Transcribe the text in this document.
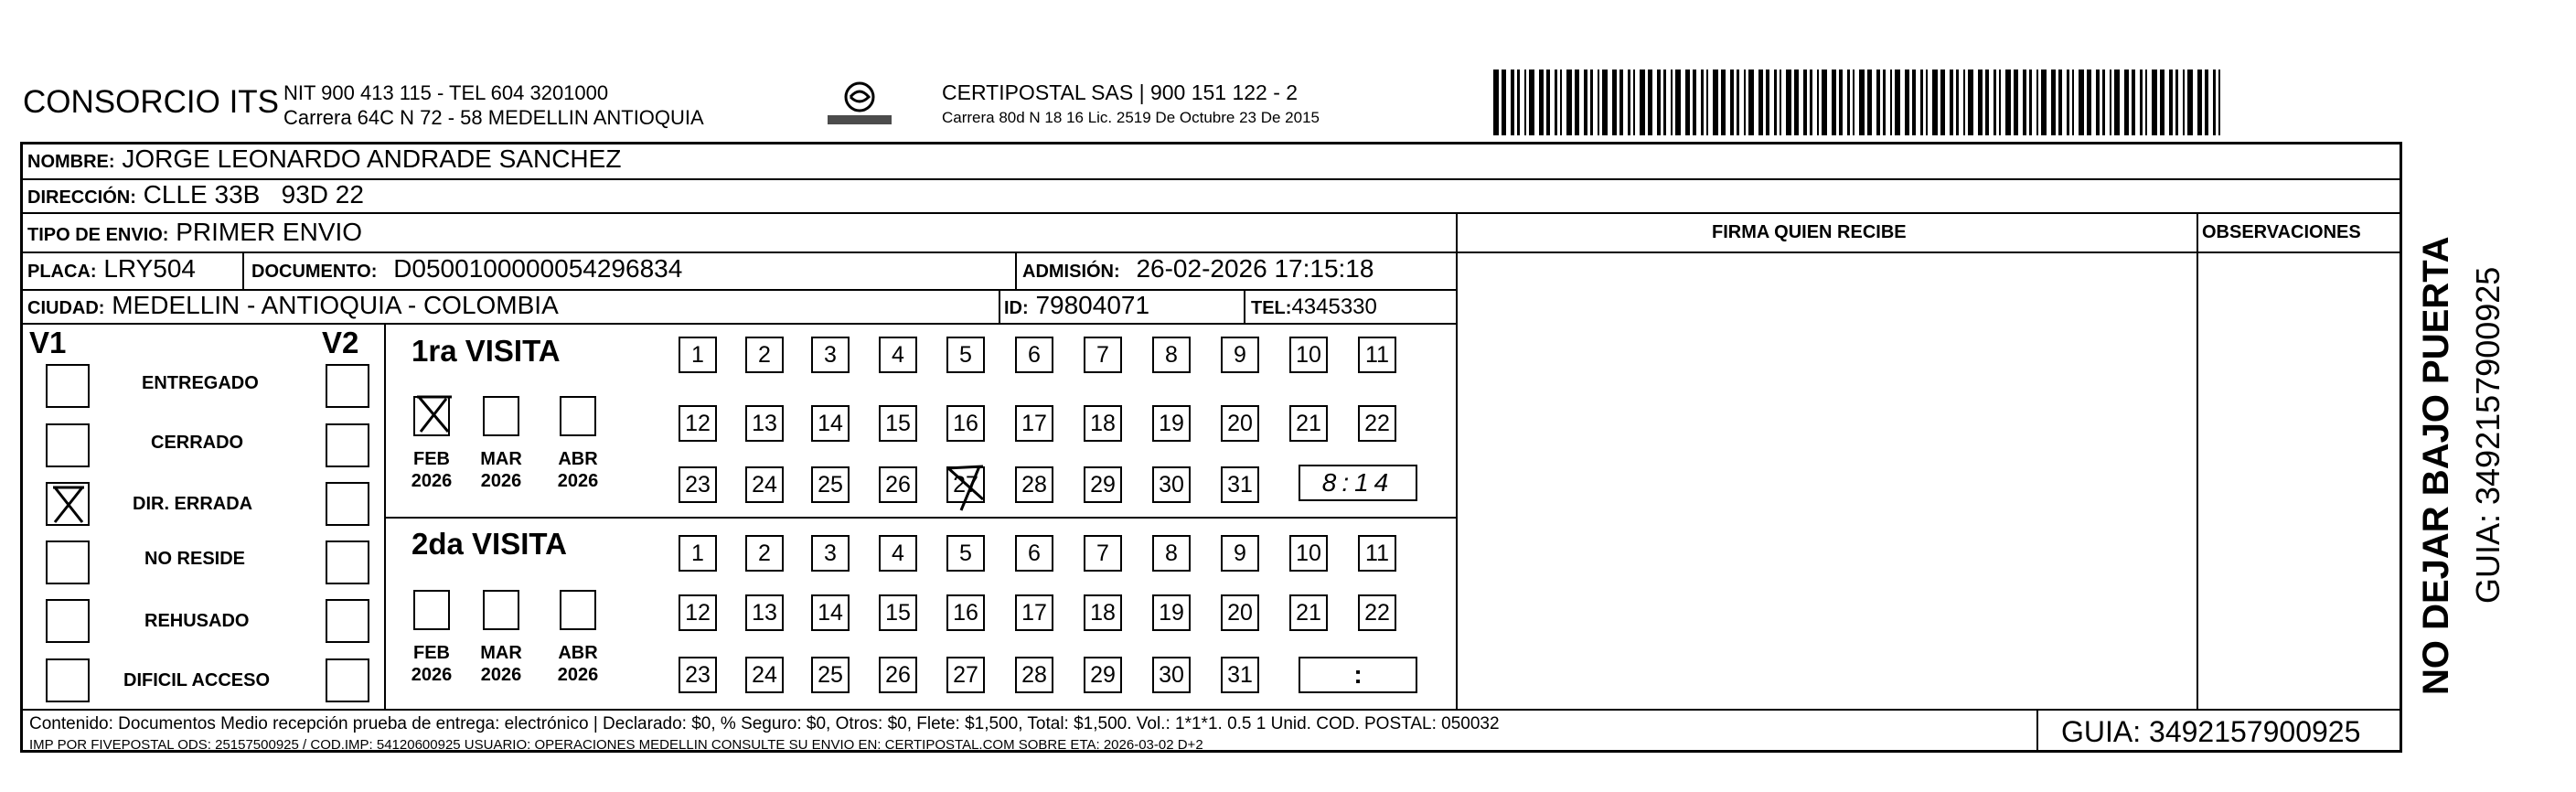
CONSORCIO ITS NIT 900 413 115 - TEL 604 3201000
Carrera 64C N 72 - 58 MEDELLIN ANTIOQUIA
CERTIPOSTAL SAS | 900 151 122 - 2
Carrera 80d N 18 16 Lic. 2519 De Octubre 23 De 2015
NOMBRE: JORGE LEONARDO ANDRADE SANCHEZ
DIRECCIÓN: CLLE 33B   93D 22
TIPO DE ENVIO: PRIMER ENVIO
PLACA: LRY504	DOCUMENTO: D0500100000054296834	ADMISIÓN: 26-02-2026 17:15:18
CIUDAD: MEDELLIN - ANTIOQUIA - COLOMBIA	ID: 79804071	TEL:4345330
FIRMA QUIEN RECIBE	OBSERVACIONES
V1	V2
ENTREGADO
CERRADO
DIR. ERRADA
NO RESIDE
REHUSADO
DIFICIL ACCESO
1ra VISITA
FEB
2026
MAR
2026
ABR
2026
1	2	3	4	5	6	7	8	9	10	11
12 13 14 15 16 17 18 19 20 21 22
23 24 25 26 27 28 29 30 31	8:14
2da VISITA
FEB
2026
MAR
2026
ABR
2026
1	2	3	4	5	6	7	8	9	10	11
12 13 14 15 16 17 18 19 20 21 22
23 24 25 26 27 28 29 30 31	:
Contenido: Documentos Medio recepción prueba de entrega: electrónico | Declarado: $0, % Seguro: $0, Otros: $0, Flete: $1,500, Total: $1,500. Vol.: 1*1*1. 0.5 1 Unid. COD. POSTAL: 050032
IMP POR FIVEPOSTAL ODS: 25157500925 / COD.IMP: 54120600925 USUARIO: OPERACIONES MEDELLIN CONSULTE SU ENVIO EN: CERTIPOSTAL.COM SOBRE ETA: 2026-03-02 D+2	GUIA: 3492157900925
NO DEJAR BAJO PUERTA GUIA: 3492157900925
